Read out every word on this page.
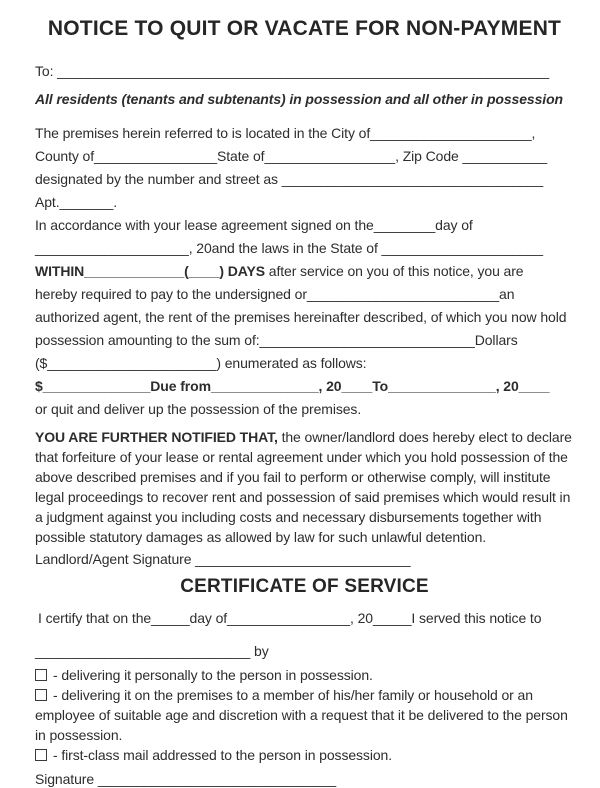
NOTICE TO QUIT OR VACATE FOR NON-PAYMENT

To: ________________________________________________________________

All residents (tenants and subtenants) in possession and all other in possession

The premises herein referred to is located in the City of_____________________,

County of________________State of_________________, Zip Code ___________

designated by the number and street as __________________________________

Apt._______.

In accordance with your lease agreement signed on the________day of

____________________, 20and the laws in the State of _____________________

WITHIN_____________(____) DAYS after service on you of this notice, you are

hereby required to pay to the undersigned or_________________________an

authorized agent, the rent of the premises hereinafter described, of which you now hold

possession amounting to the sum of:____________________________Dollars

($______________________) enumerated as follows:

$______________Due from______________, 20____To______________, 20____

or quit and deliver up the possession of the premises.

YOU ARE FURTHER NOTIFIED THAT, the owner/landlord does hereby elect to declare that forfeiture of your lease or rental agreement under which you hold possession of the above described premises and if you fail to perform or otherwise comply, will institute legal proceedings to recover rent and possession of said premises which would result in a judgment against you including costs and necessary disbursements together with possible statutory damages as allowed by law for such unlawful detention.

Landlord/Agent Signature ____________________________

CERTIFICATE OF SERVICE

I certify that on the_____day of________________, 20_____I served this notice to

____________________________ by

- delivering it personally to the person in possession.

- delivering it on the premises to a member of his/her family or household or an employee of suitable age and discretion with a request that it be delivered to the person in possession.

- first-class mail addressed to the person in possession.

Signature _______________________________
